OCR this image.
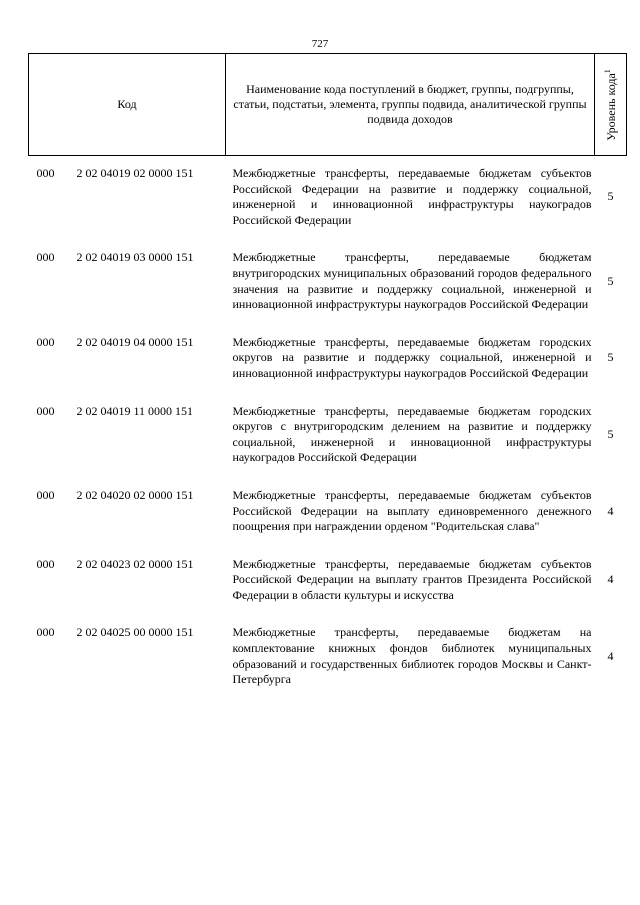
727
Код	Наименование кода поступлений в бюджет, группы, подгруппы, статьи, подстатьи, элемента, группы подвида, аналитической группы подвида доходов	Уровень кода$^1$

000 2 02 04019 02 0000 151	Межбюджетные трансферты, передаваемые бюджетам субъектов Российской Федерации на развитие и поддержку социальной, инженерной и инновационной инфраструктуры наукоградов Российской Федерации	5

000 2 02 04019 03 0000 151	Межбюджетные трансферты, передаваемые бюджетам внутригородских муниципальных образований городов федерального значения на развитие и поддержку социальной, инженерной и инновационной инфраструктуры наукоградов Российской Федерации	5

000 2 02 04019 04 0000 151	Межбюджетные трансферты, передаваемые бюджетам городских округов на развитие и поддержку социальной, инженерной и инновационной инфраструктуры наукоградов Российской Федерации	5

000 2 02 04019 11 0000 151	Межбюджетные трансферты, передаваемые бюджетам городских округов с внутригородским делением на развитие и поддержку социальной, инженерной и инновационной инфраструктуры наукоградов Российской Федерации	5

000 2 02 04020 02 0000 151	Межбюджетные трансферты, передаваемые бюджетам субъектов Российской Федерации на выплату единовременного денежного поощрения при награждении орденом "Родительская слава"	4

000 2 02 04023 02 0000 151	Межбюджетные трансферты, передаваемые бюджетам субъектов Российской Федерации на выплату грантов Президента Российской Федерации в области культуры и искусства	4

000 2 02 04025 00 0000 151	Межбюджетные трансферты, передаваемые бюджетам на комплектование книжных фондов библиотек муниципальных образований и государственных библиотек городов Москвы и Санкт-Петербурга	4
